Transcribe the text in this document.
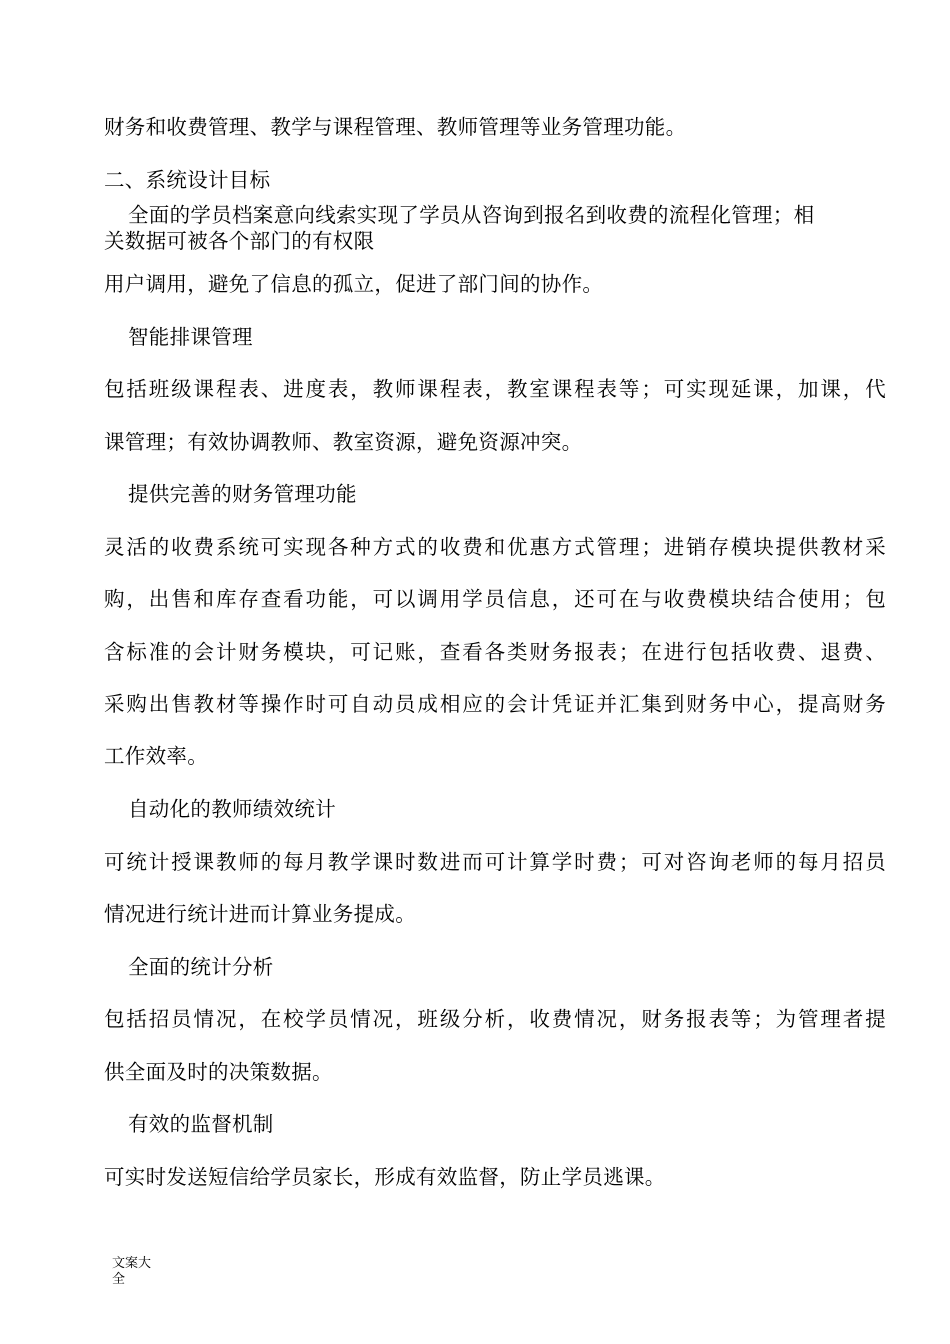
财务和收费管理、教学与课程管理、教师管理等业务管理功能。
二、系统设计目标
全面的学员档案意向线索实现了学员从咨询到报名到收费的流程化管理；相
关数据可被各个部门的有权限
用户调用，避免了信息的孤立，促进了部门间的协作。
智能排课管理
包括班级课程表、进度表，教师课程表，教室课程表等；可实现延课，加课，代
课管理；有效协调教师、教室资源，避免资源冲突。
提供完善的财务管理功能
灵活的收费系统可实现各种方式的收费和优惠方式管理；进销存模块提供教材采
购，出售和库存查看功能，可以调用学员信息，还可在与收费模块结合使用；包
含标准的会计财务模块，可记账，查看各类财务报表；在进行包括收费、退费、
采购出售教材等操作时可自动员成相应的会计凭证并汇集到财务中心，提高财务
工作效率。
自动化的教师绩效统计
可统计授课教师的每月教学课时数进而可计算学时费；可对咨询老师的每月招员
情况进行统计进而计算业务提成。
全面的统计分析
包括招员情况，在校学员情况，班级分析，收费情况，财务报表等；为管理者提
供全面及时的决策数据。
有效的监督机制
可实时发送短信给学员家长，形成有效监督，防止学员逃课。
文案大
全
